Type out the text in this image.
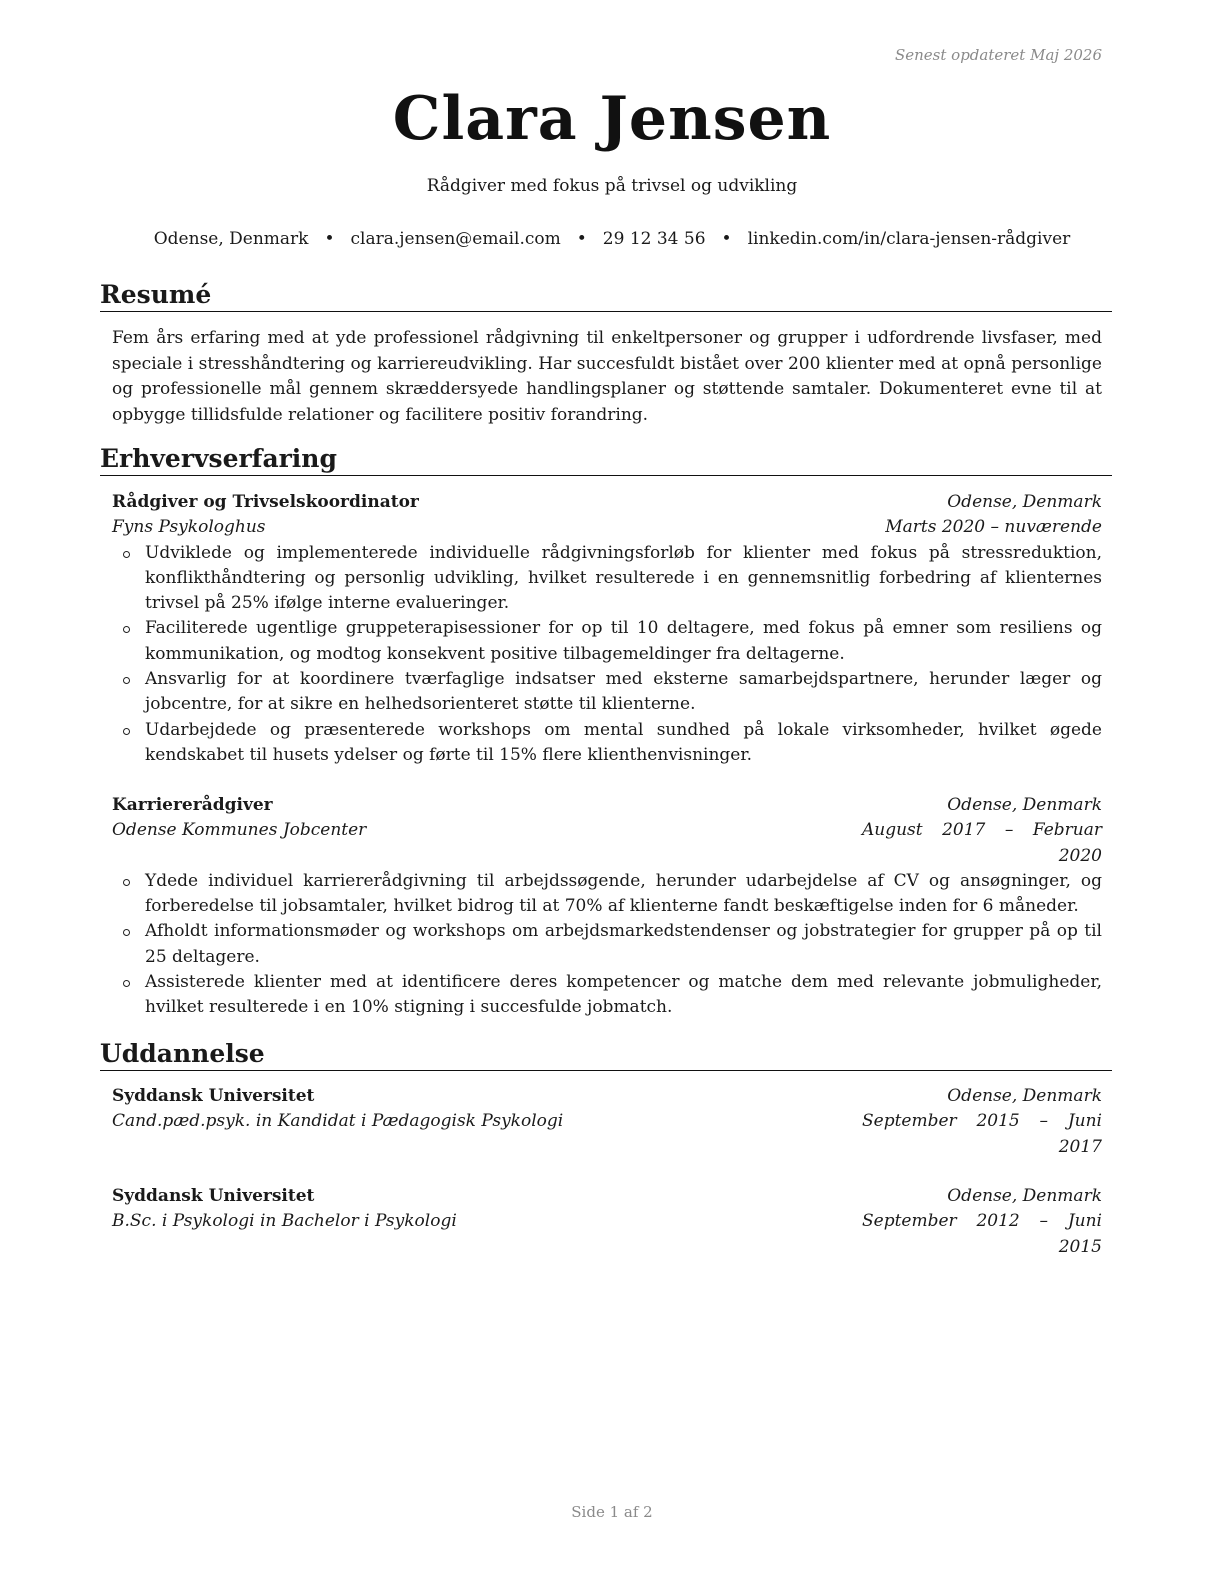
Senest opdateret Maj 2026
Clara Jensen
Rådgiver med fokus på trivsel og udvikling
Odense, Denmark • clara.jensen@email.com • 29 12 34 56 • linkedin.com/in/clara-jensen-rådgiver
Resumé
Fem års erfaring med at yde professionel rådgivning til enkeltpersoner og grupper i udfordrende livsfaser, med speciale i stresshåndtering og karriereudvikling. Har succesfuldt bistået over 200 klienter med at opnå personlige og professionelle mål gennem skræddersyede handlingsplaner og støttende samtaler. Dokumenteret evne til at opbygge tillidsfulde relationer og facilitere positiv forandring.
Erhvervserfaring
Rådgiver og Trivselskoordinator	Odense, Denmark
Fyns Psykologhus	Marts 2020 – nuværende
Udviklede og implementerede individuelle rådgivningsforløb for klienter med fokus på stressreduktion, konflikthåndtering og personlig udvikling, hvilket resulterede i en gennemsnitlig forbedring af klienternes trivsel på 25% ifølge interne evalueringer.
Faciliterede ugentlige gruppeterapisessioner for op til 10 deltagere, med fokus på emner som resiliens og kommunikation, og modtog konsekvent positive tilbagemeldinger fra deltagerne.
Ansvarlig for at koordinere tværfaglige indsatser med eksterne samarbejdspartnere, herunder læger og jobcentre, for at sikre en helhedsorienteret støtte til klienterne.
Udarbejdede og præsenterede workshops om mental sundhed på lokale virksomheder, hvilket øgede kendskabet til husets ydelser og førte til 15% flere klienthenvisninger.
Karriererådgiver	Odense, Denmark
Odense Kommunes Jobcenter	August 2017 – Februar 2020
Ydede individuel karriererådgivning til arbejdssøgende, herunder udarbejdelse af CV og ansøgninger, og forberedelse til jobsamtaler, hvilket bidrog til at 70% af klienterne fandt beskæftigelse inden for 6 måneder.
Afholdt informationsmøder og workshops om arbejdsmarkedstendenser og jobstrategier for grupper på op til 25 deltagere.
Assisterede klienter med at identificere deres kompetencer og matche dem med relevante jobmuligheder, hvilket resulterede i en 10% stigning i succesfulde jobmatch.
Uddannelse
Syddansk Universitet	Odense, Denmark
Cand.pæd.psyk. in Kandidat i Pædagogisk Psykologi	September 2015 – Juni 2017
Syddansk Universitet	Odense, Denmark
B.Sc. i Psykologi in Bachelor i Psykologi	September 2012 – Juni 2015
Side 1 af 2
